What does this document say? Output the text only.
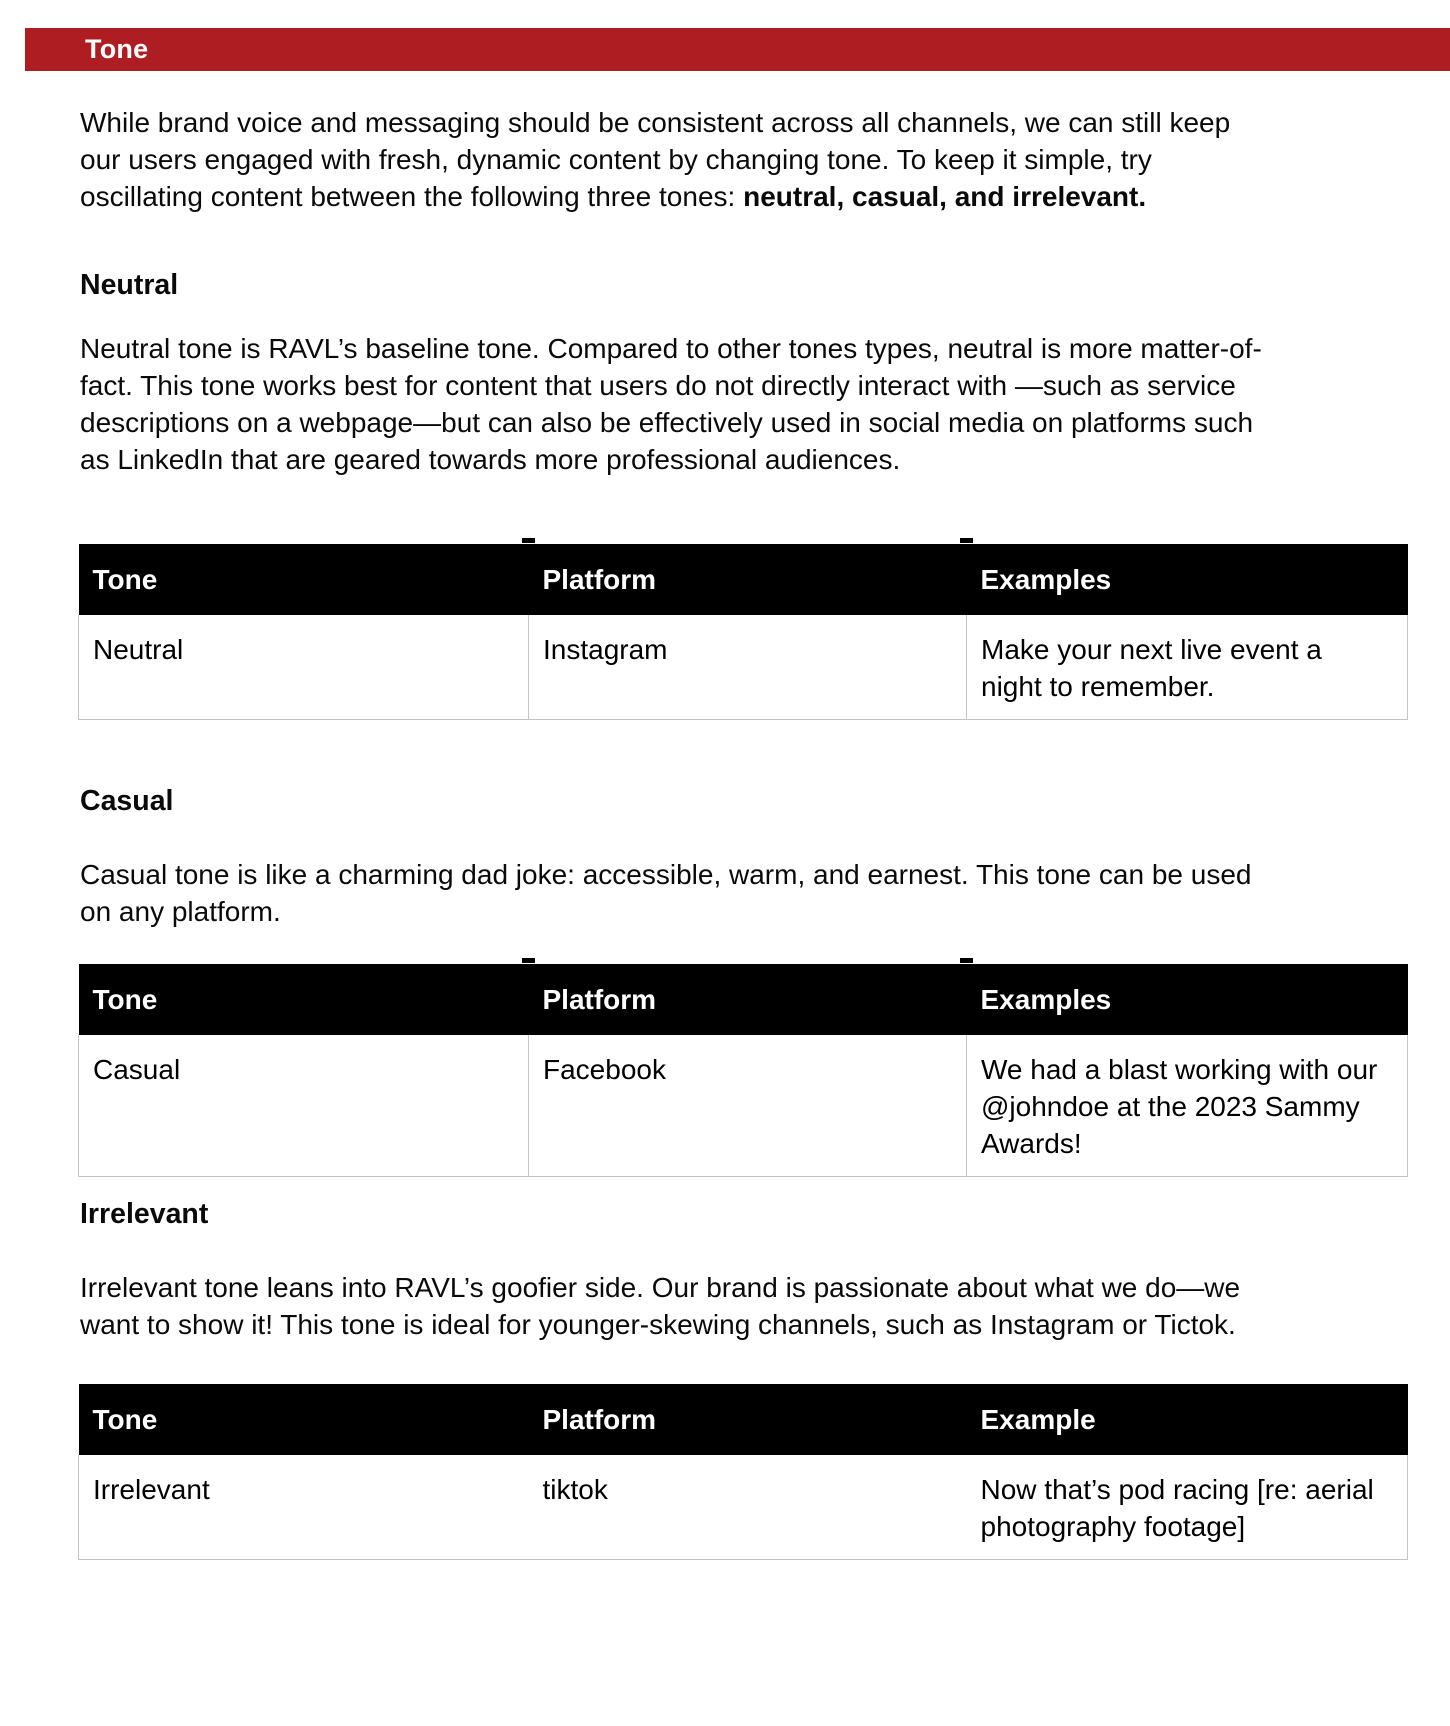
Tone

While brand voice and messaging should be consistent across all channels, we can still keep our users engaged with fresh, dynamic content by changing tone. To keep it simple, try oscillating content between the following three tones: neutral, casual, and irrelevant.

Neutral

Neutral tone is RAVL’s baseline tone. Compared to other tones types, neutral is more matter-of-fact. This tone works best for content that users do not directly interact with —such as service descriptions on a webpage—but can also be effectively used in social media on platforms such as LinkedIn that are geared towards more professional audiences.

Tone	Platform	Examples
Neutral	Instagram	Make your next live event a night to remember.
Casual

Casual tone is like a charming dad joke: accessible, warm, and earnest. This tone can be used on any platform.

Tone	Platform	Examples
Casual	Facebook	We had a blast working with our @johndoe at the 2023 Sammy Awards!
Irrelevant

Irrelevant tone leans into RAVL’s goofier side. Our brand is passionate about what we do—we want to show it! This tone is ideal for younger-skewing channels, such as Instagram or Tictok.

Tone	Platform	Example
Irrelevant	tiktok	Now that’s pod racing [re: aerial photography footage]
